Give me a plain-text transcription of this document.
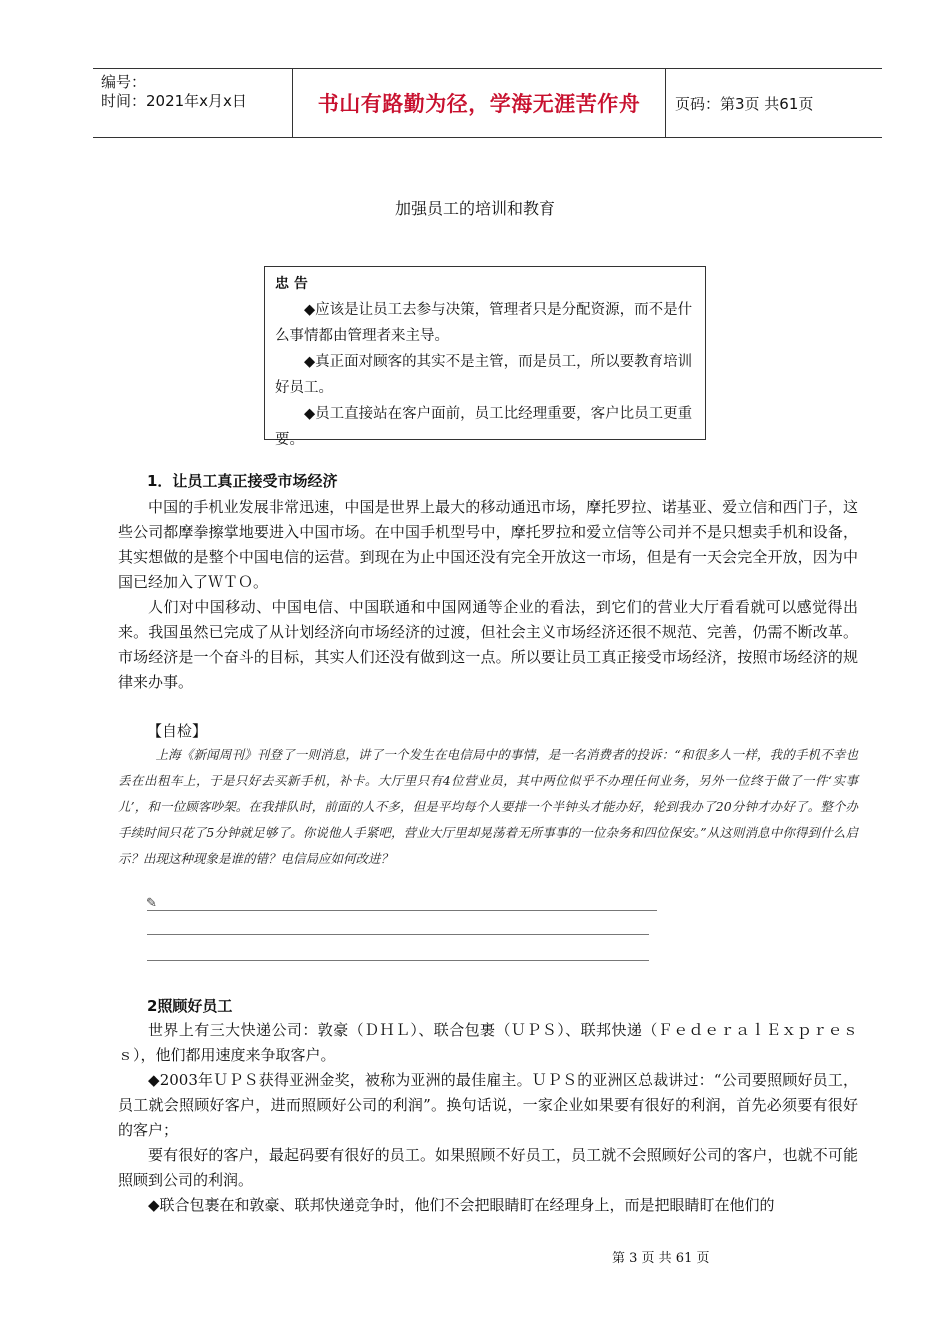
编号：
时间：2021年x月x日	书山有路勤为径，学海无涯苦作舟	页码：第3页 共61页
加强员工的培训和教育
忠 告

◆应该是让员工去参与决策，管理者只是分配资源，而不是什么事情都由管理者来主导。

◆真正面对顾客的其实不是主管，而是员工，所以要教育培训好员工。

◆员工直接站在客户面前，员工比经理重要，客户比员工更重要。

1．让员工真正接受市场经济

中国的手机业发展非常迅速，中国是世界上最大的移动通迅市场，摩托罗拉、诺基亚、爱立信和西门子，这些公司都摩拳擦掌地要进入中国市场。在中国手机型号中，摩托罗拉和爱立信等公司并不是只想卖手机和设备，其实想做的是整个中国电信的运营。到现在为止中国还没有完全开放这一市场，但是有一天会完全开放，因为中国已经加入了ＷＴＯ。

人们对中国移动、中国电信、中国联通和中国网通等企业的看法，到它们的营业大厅看看就可以感觉得出来。我国虽然已完成了从计划经济向市场经济的过渡，但社会主义市场经济还很不规范、完善，仍需不断改革。市场经济是一个奋斗的目标，其实人们还没有做到这一点。所以要让员工真正接受市场经济，按照市场经济的规律来办事。

【自检】

上海《新闻周刊》刊登了一则消息，讲了一个发生在电信局中的事情，是一名消费者的投诉：“和很多人一样，我的手机不幸也丢在出租车上，于是只好去买新手机，补卡。大厅里只有4位营业员，其中两位似乎不办理任何业务，另外一位终于做了一件‘实事儿’，和一位顾客吵架。在我排队时，前面的人不多，但是平均每个人要排一个半钟头才能办好，轮到我办了20分钟才办好了。整个办手续时间只花了5分钟就足够了。你说他人手紧吧，营业大厅里却晃荡着无所事事的一位杂务和四位保安。”从这则消息中你得到什么启示？出现这种现象是谁的错？电信局应如何改进？

✎
2照顾好员工

世界上有三大快递公司：敦豪（ＤＨＬ）、联合包裹（ＵＰＳ）、联邦快递（ＦｅｄｅｒａｌＥｘｐｒｅｓｓ），他们都用速度来争取客户。

◆2003年ＵＰＳ获得亚洲金奖，被称为亚洲的最佳雇主。ＵＰＳ的亚洲区总裁讲过：“公司要照顾好员工，员工就会照顾好客户，进而照顾好公司的利润”。换句话说，一家企业如果要有很好的利润，首先必须要有很好的客户；

要有很好的客户，最起码要有很好的员工。如果照顾不好员工，员工就不会照顾好公司的客户，也就不可能照顾到公司的利润。

◆联合包裹在和敦豪、联邦快递竞争时，他们不会把眼睛盯在经理身上，而是把眼睛盯在他们的

第 3 页 共 61 页
